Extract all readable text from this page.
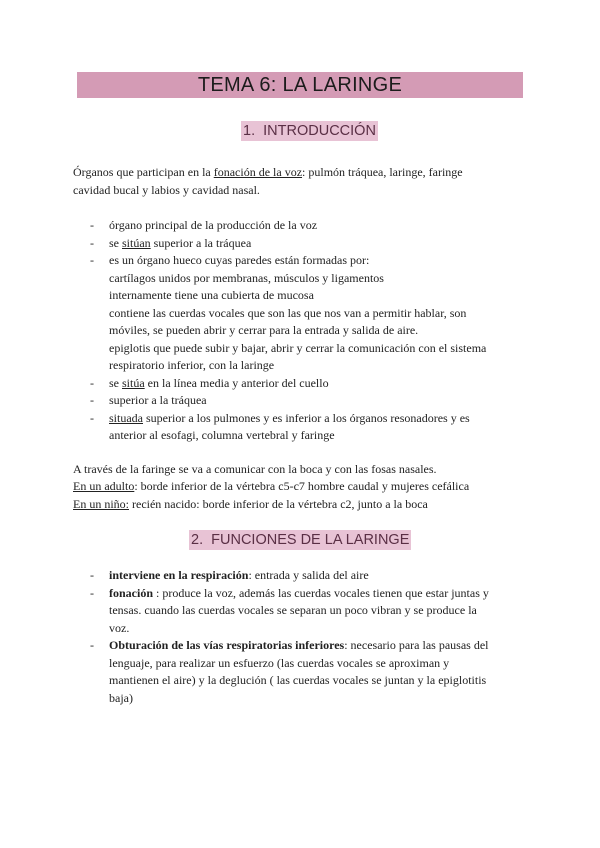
TEMA 6: LA LARINGE
1. INTRODUCCIÓN
Órganos que participan en la fonación de la voz: pulmón tráquea, laringe, faringe
cavidad bucal y labios y cavidad nasal.
- órgano principal de la producción de la voz
- se sitúan superior a la tráquea
- es un órgano hueco cuyas paredes están formadas por:
cartílagos unidos por membranas, músculos y ligamentos
internamente tiene una cubierta de mucosa
contiene las cuerdas vocales que son las que nos van a permitir hablar, son
móviles, se pueden abrir y cerrar para la entrada y salida de aire.
epiglotis que puede subir y bajar, abrir y cerrar la comunicación con el sistema
respiratorio inferior, con la laringe
- se sitúa en la línea media y anterior del cuello
- superior a la tráquea
- situada superior a los pulmones y es inferior a los órganos resonadores y es
anterior al esofagi, columna vertebral y faringe
A través de la faringe se va a comunicar con la boca y con las fosas nasales.
En un adulto: borde inferior de la vértebra c5-c7 hombre caudal y mujeres cefálica
En un niño: recién nacido: borde inferior de la vértebra c2, junto a la boca
2. FUNCIONES DE LA LARINGE
- interviene en la respiración: entrada y salida del aire
- fonación : produce la voz, además las cuerdas vocales tienen que estar juntas y
tensas. cuando las cuerdas vocales se separan un poco vibran y se produce la
voz.
- Obturación de las vías respiratorias inferiores: necesario para las pausas del
lenguaje, para realizar un esfuerzo (las cuerdas vocales se aproximan y
mantienen el aire) y la deglución ( las cuerdas vocales se juntan y la epiglotitis
baja)
